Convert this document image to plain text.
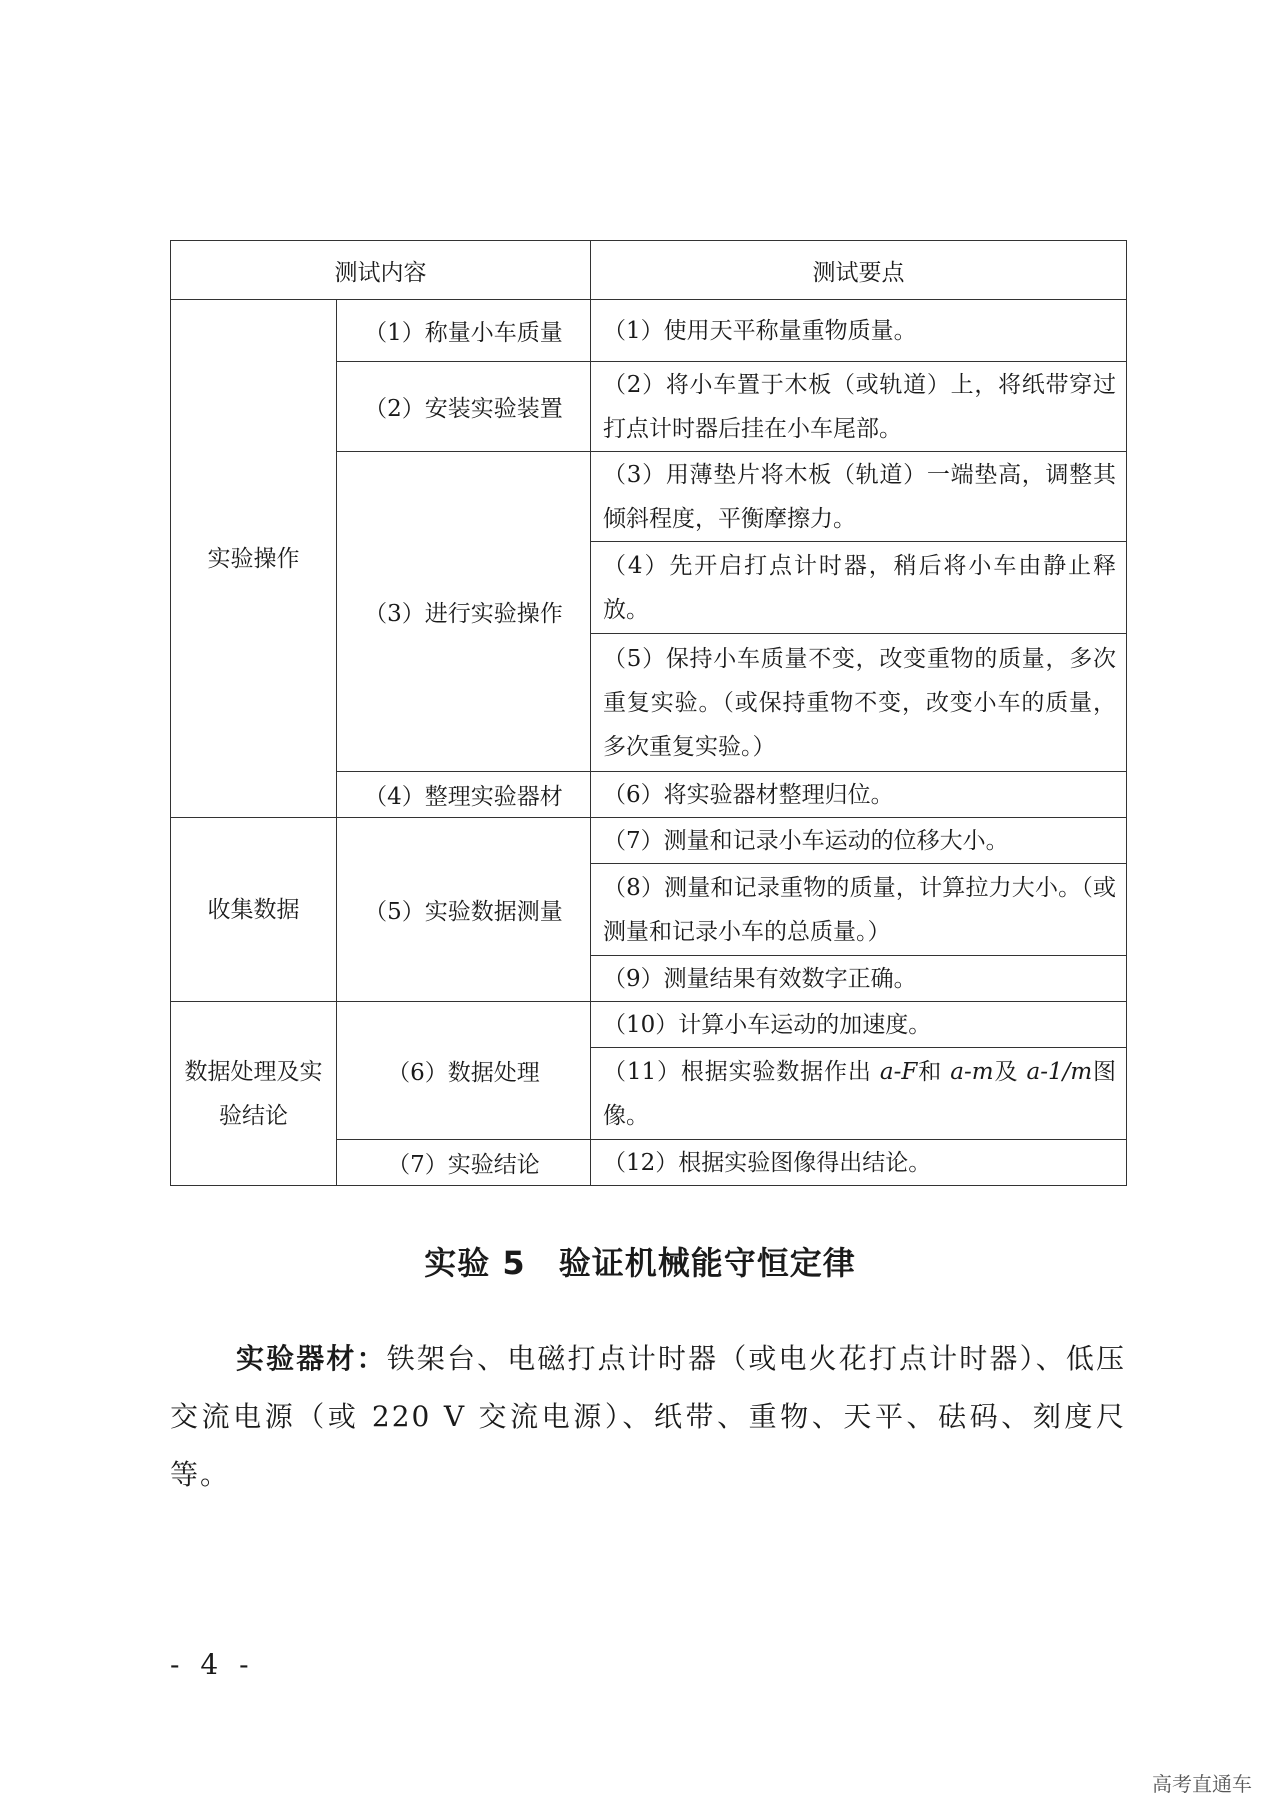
测试内容		测试要点
实验操作	（1）称量小车质量	（1）使用天平称量重物质量。
	（2）安装实验装置	（2）将小车置于木板（或轨道）上，将纸带穿过打点计时器后挂在小车尾部。
	（3）进行实验操作	（3）用薄垫片将木板（轨道）一端垫高，调整其倾斜程度，平衡摩擦力。
		（4）先开启打点计时器，稍后将小车由静止释放。
		（5）保持小车质量不变，改变重物的质量，多次重复实验。（或保持重物不变，改变小车的质量，多次重复实验。）
	（4）整理实验器材	（6）将实验器材整理归位。
收集数据	（5）实验数据测量	（7）测量和记录小车运动的位移大小。
		（8）测量和记录重物的质量，计算拉力大小。（或测量和记录小车的总质量。）
		（9）测量结果有效数字正确。
数据处理及实验结论	（6）数据处理	（10）计算小车运动的加速度。
		（11）根据实验数据作出 a-F和 a-m及 a-1/m图像。
	（7）实验结论	（12）根据实验图像得出结论。
实验 5　验证机械能守恒定律
实验器材：铁架台、电磁打点计时器（或电火花打点计时器）、低压交流电源（或 220 V 交流电源）、纸带、重物、天平、砝码、刻度尺等。
- 4 -
高考直通车
